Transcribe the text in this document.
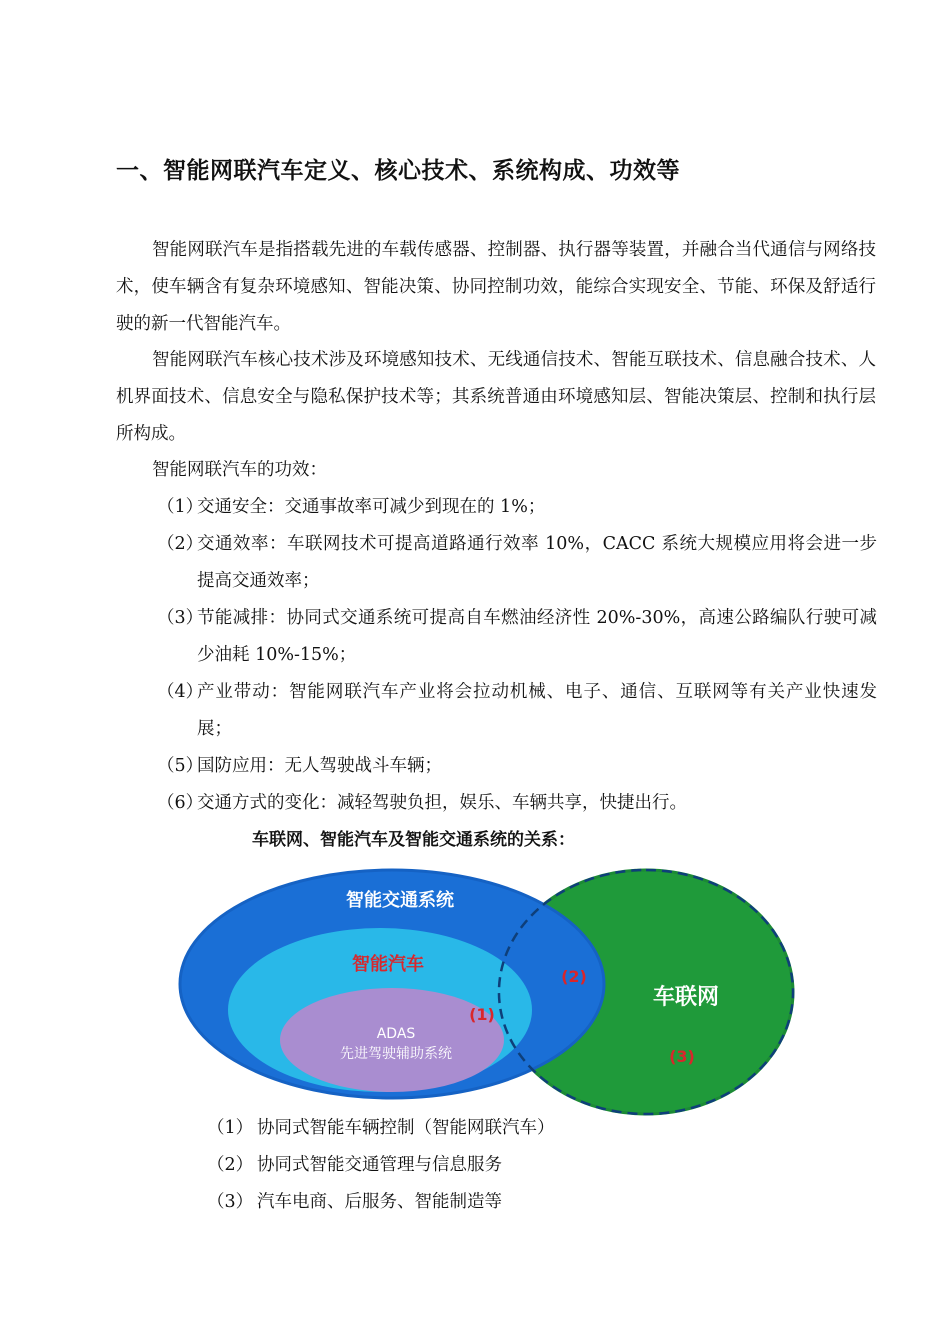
一、智能网联汽车定义、核心技术、系统构成、功效等

智能网联汽车是指搭载先进的车载传感器、控制器、执行器等装置，并融合当代通信与网络技术，使车辆含有复杂环境感知、智能决策、协同控制功效，能综合实现安全、节能、环保及舒适行驶的新一代智能汽车。

智能网联汽车核心技术涉及环境感知技术、无线通信技术、智能互联技术、信息融合技术、人机界面技术、信息安全与隐私保护技术等；其系统普通由环境感知层、智能决策层、控制和执行层所构成。

智能网联汽车的功效：

（1）
交通安全：交通事故率可减少到现在的 1%；
（2）
交通效率：车联网技术可提高道路通行效率 10%，CACC 系统大规模应用将会进一步提高交通效率；
（3）
节能减排：协同式交通系统可提高自车燃油经济性 20%-30%，高速公路编队行驶可减少油耗 10%-15%；
（4）
产业带动：智能网联汽车产业将会拉动机械、电子、通信、互联网等有关产业快速发展；
（5）
国防应用：无人驾驶战斗车辆；
（6）
交通方式的变化：减轻驾驶负担，娱乐、车辆共享，快捷出行。

车联网、智能汽车及智能交通系统的关系：

智能交通系统
智能汽车
ADAS
先进驾驶辅助系统
车联网
(1)
(2)
(3)
（1） 协同式智能车辆控制（智能网联汽车）
（2） 协同式智能交通管理与信息服务
（3） 汽车电商、后服务、智能制造等
